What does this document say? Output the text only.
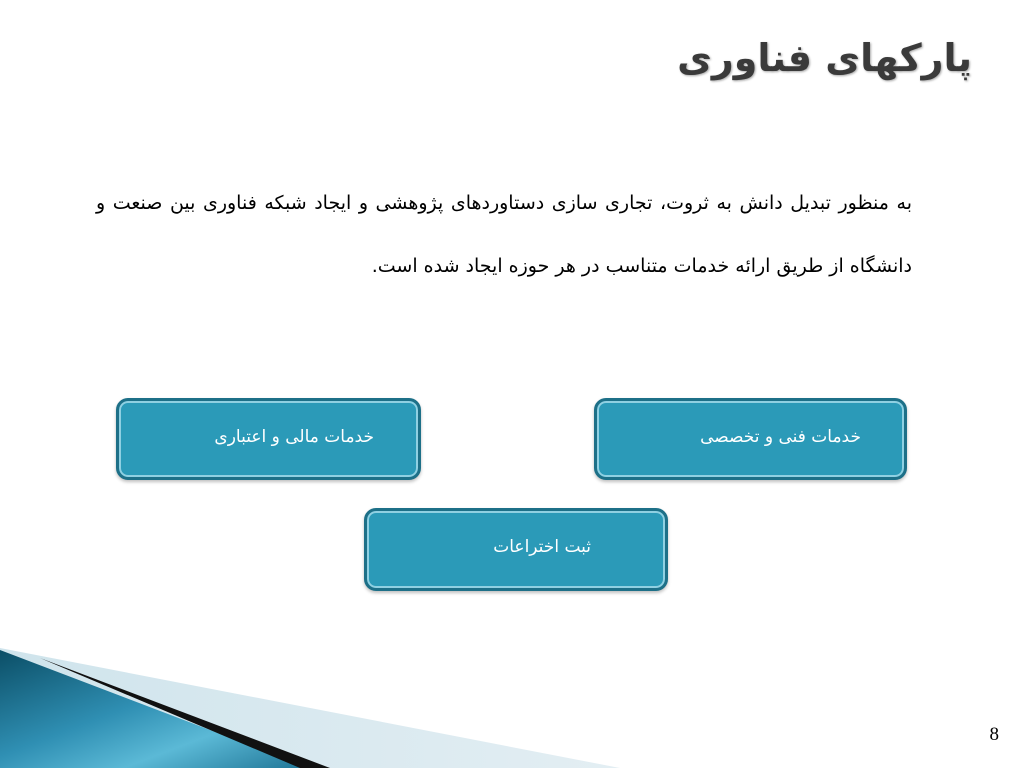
پارکهای فناوری
به منظور تبدیل دانش به ثروت، تجاری سازی دستاوردهای پژوهشی و ایجاد شبکه فناوری بین صنعت و دانشگاه از طریق ارائه خدمات متناسب در هر حوزه ایجاد شده است.
خدمات فنی و تخصصی
خدمات مالی و اعتباری
ثبت اختراعات
8
